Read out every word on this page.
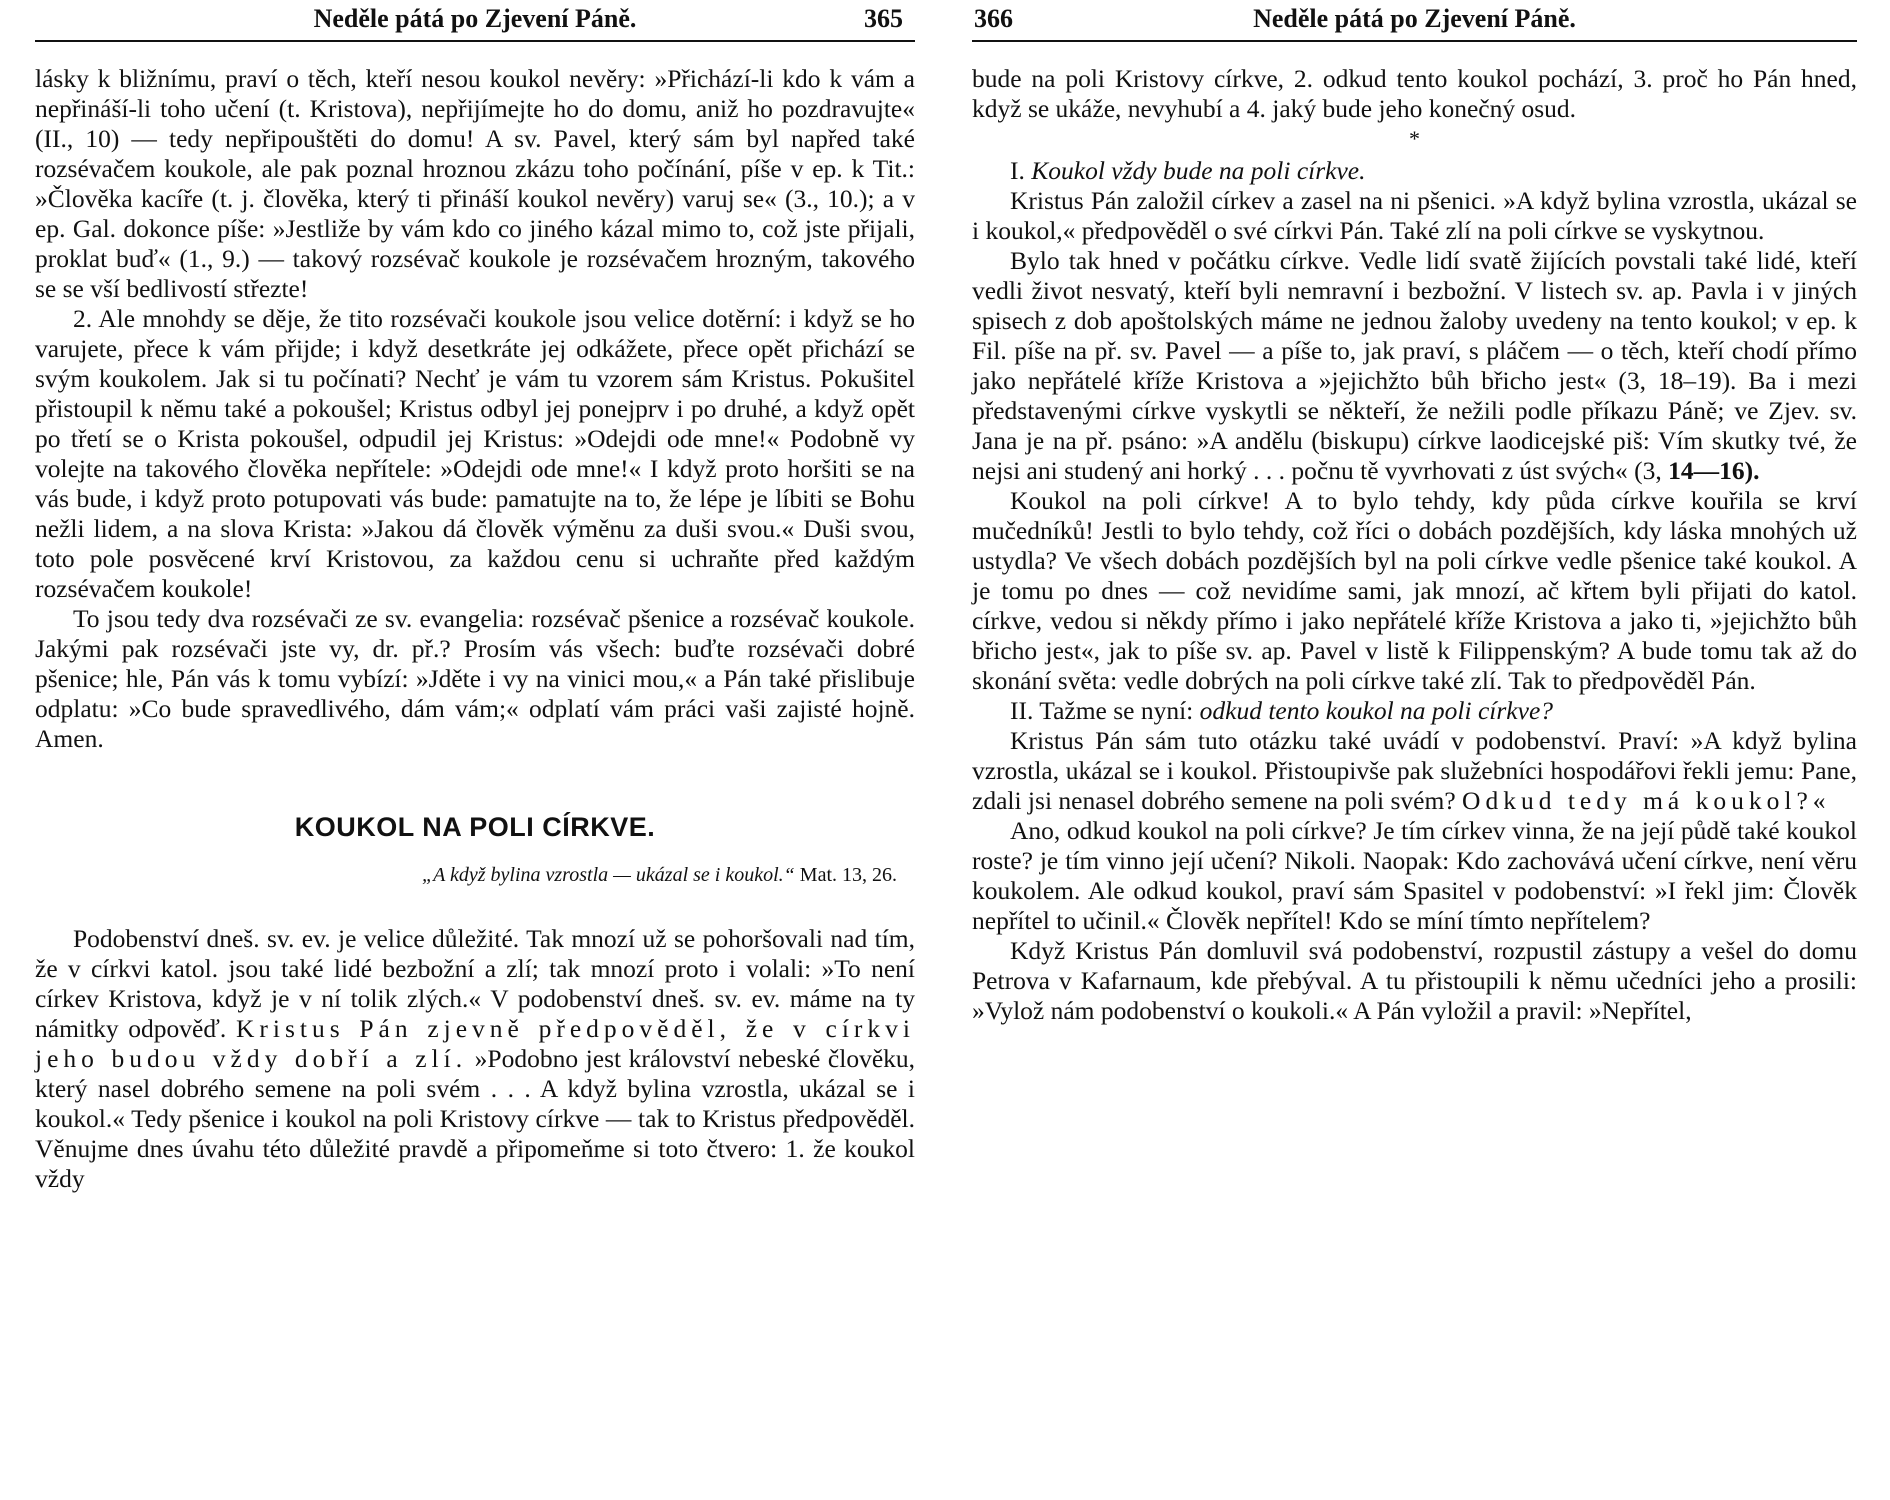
Neděle pátá po Zjevení Páně.	365

lásky k bližnímu, praví o těch, kteří nesou koukol nevěry: »Přichází-li kdo k vám a nepřináší-li toho učení (t. Kristova), nepřijímejte ho do domu, aniž ho pozdravujte« (II., 10) — tedy nepřipouštěti do domu! A sv. Pavel, který sám byl napřed také rozsévačem koukole, ale pak poznal hroznou zkázu toho počínání, píše v ep. k Tit.: »Člověka kacíře (t. j. člověka, který ti přináší koukol nevěry) varuj se« (3., 10.); a v ep. Gal. dokonce píše: »Jestliže by vám kdo co jiného kázal mimo to, což jste přijali, proklat buď« (1., 9.) — takový rozsévač koukole je rozsévačem hrozným, takového se se vší bedlivostí střezte!

2. Ale mnohdy se děje, že tito rozsévači koukole jsou velice dotěrní: i když se ho varujete, přece k vám přijde; i když desetkráte jej odkážete, přece opět přichází se svým koukolem. Jak si tu počínati? Nechť je vám tu vzorem sám Kristus. Pokušitel přistoupil k němu také a pokoušel; Kristus odbyl jej ponejprv i po druhé, a když opět po třetí se o Krista pokoušel, odpudil jej Kristus: »Odejdi ode mne!« Podobně vy volejte na takového člověka nepřítele: »Odejdi ode mne!« I když proto horšiti se na vás bude, i když proto potupovati vás bude: pamatujte na to, že lépe je líbiti se Bohu nežli lidem, a na slova Krista: »Jakou dá člověk výměnu za duši svou.« Duši svou, toto pole posvěcené krví Kristovou, za každou cenu si uchraňte před každým rozsévačem koukole!

To jsou tedy dva rozsévači ze sv. evangelia: rozsévač pšenice a rozsévač koukole. Jakými pak rozsévači jste vy, dr. př.? Prosím vás všech: buďte rozsévači dobré pšenice; hle, Pán vás k tomu vybízí: »Jděte i vy na vinici mou,« a Pán také přislibuje odplatu: »Co bude spravedlivého, dám vám;« odplatí vám práci vaši zajisté hojně. Amen.

KOUKOL NA POLI CÍRKVE.
„A když bylina vzrostla — ukázal se i koukol.“ Mat. 13, 26.

Podobenství dneš. sv. ev. je velice důležité. Tak mnozí už se pohoršovali nad tím, že v církvi katol. jsou také lidé bezbožní a zlí; tak mnozí proto i volali: »To není církev Kristova, když je v ní tolik zlých.« V podobenství dneš. sv. ev. máme na ty námitky odpověď. Kristus Pán zjevně předpověděl, že v církvi jeho budou vždy dobří a zlí. »Podobno jest království nebeské člověku, který nasel dobrého semene na poli svém . . . A když bylina vzrostla, ukázal se i koukol.« Tedy pšenice i koukol na poli Kristovy církve — tak to Kristus předpověděl. Věnujme dnes úvahu této důležité pravdě a připomeňme si toto čtvero: 1. že koukol vždy

366	Neděle pátá po Zjevení Páně.

bude na poli Kristovy církve, 2. odkud tento koukol pochází, 3. proč ho Pán hned, když se ukáže, nevyhubí a 4. jaký bude jeho konečný osud.

*

I. Koukol vždy bude na poli církve.

Kristus Pán založil církev a zasel na ni pšenici. »A když bylina vzrostla, ukázal se i koukol,« předpověděl o své církvi Pán. Také zlí na poli církve se vyskytnou.

Bylo tak hned v počátku církve. Vedle lidí svatě žijících povstali také lidé, kteří vedli život nesvatý, kteří byli nemravní i bezbožní. V listech sv. ap. Pavla i v jiných spisech z dob apoštolských máme ne jednou žaloby uvedeny na tento koukol; v ep. k Fil. píše na př. sv. Pavel — a píše to, jak praví, s pláčem — o těch, kteří chodí přímo jako nepřátelé kříže Kristova a »jejichžto bůh břicho jest« (3, 18–19). Ba i mezi představenými církve vyskytli se někteří, že nežili podle příkazu Páně; ve Zjev. sv. Jana je na př. psáno: »A andělu (biskupu) církve laodicejské piš: Vím skutky tvé, že nejsi ani studený ani horký . . . počnu tě vyvrhovati z úst svých« (3, 14—16).

Koukol na poli církve! A to bylo tehdy, kdy půda církve kouřila se krví mučedníků! Jestli to bylo tehdy, což říci o dobách pozdějších, kdy láska mnohých už ustydla? Ve všech dobách pozdějších byl na poli církve vedle pšenice také koukol. A je tomu po dnes — což nevidíme sami, jak mnozí, ač křtem byli přijati do katol. církve, vedou si někdy přímo i jako nepřátelé kříže Kristova a jako ti, »jejichžto bůh břicho jest«, jak to píše sv. ap. Pavel v listě k Filippenským? A bude tomu tak až do skonání světa: vedle dobrých na poli církve také zlí. Tak to předpověděl Pán.

II. Tažme se nyní: odkud tento koukol na poli církve?

Kristus Pán sám tuto otázku také uvádí v podobenství. Praví: »A když bylina vzrostla, ukázal se i koukol. Přistoupivše pak služebníci hospodářovi řekli jemu: Pane, zdali jsi nenasel dobrého semene na poli svém? Odkud tedy má koukol?«

Ano, odkud koukol na poli církve? Je tím církev vinna, že na její půdě také koukol roste? je tím vinno její učení? Nikoli. Naopak: Kdo zachovává učení církve, není věru koukolem. Ale odkud koukol, praví sám Spasitel v podobenství: »I řekl jim: Člověk nepřítel to učinil.« Člověk nepřítel! Kdo se míní tímto nepřítelem?

Když Kristus Pán domluvil svá podobenství, rozpustil zástupy a vešel do domu Petrova v Kafarnaum, kde přebýval. A tu přistoupili k němu učedníci jeho a prosili: »Vylož nám podobenství o koukoli.« A Pán vyložil a pravil: »Nepřítel,
